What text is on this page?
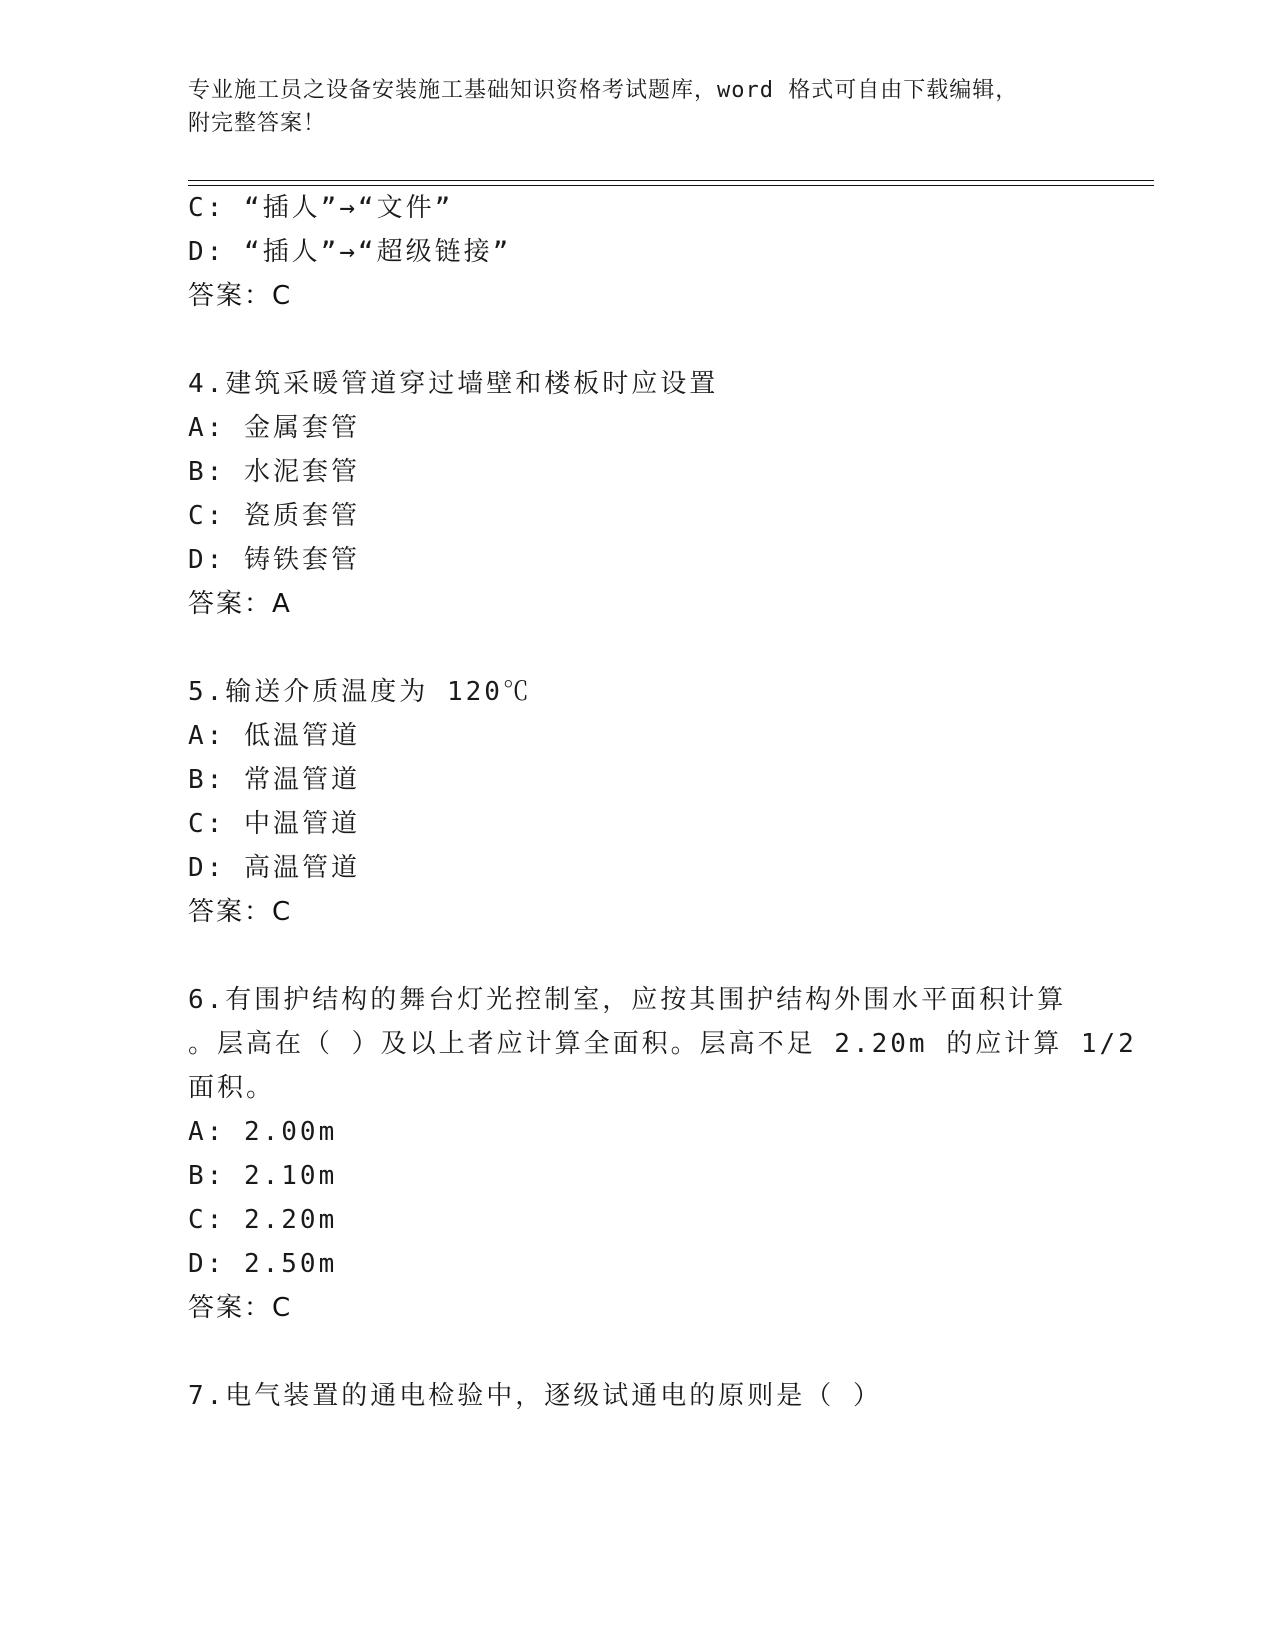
专业施工员之设备安装施工基础知识资格考试题库，word 格式可自由下载编辑，
附完整答案！
C: “插人”→“文件”
D: “插人”→“超级链接”
答案：C
4.建筑采暖管道穿过墙壁和楼板时应设置
A: 金属套管
B: 水泥套管
C: 瓷质套管
D: 铸铁套管
答案：A
5.输送介质温度为 120℃
A: 低温管道
B: 常温管道
C: 中温管道
D: 高温管道
答案：C
6.有围护结构的舞台灯光控制室，应按其围护结构外围水平面积计算
。层高在（ ）及以上者应计算全面积。层高不足 2.20m 的应计算 1/2
面积。
A: 2.00m
B: 2.10m
C: 2.20m
D: 2.50m
答案：C
7.电气装置的通电检验中，逐级试通电的原则是（ ）
